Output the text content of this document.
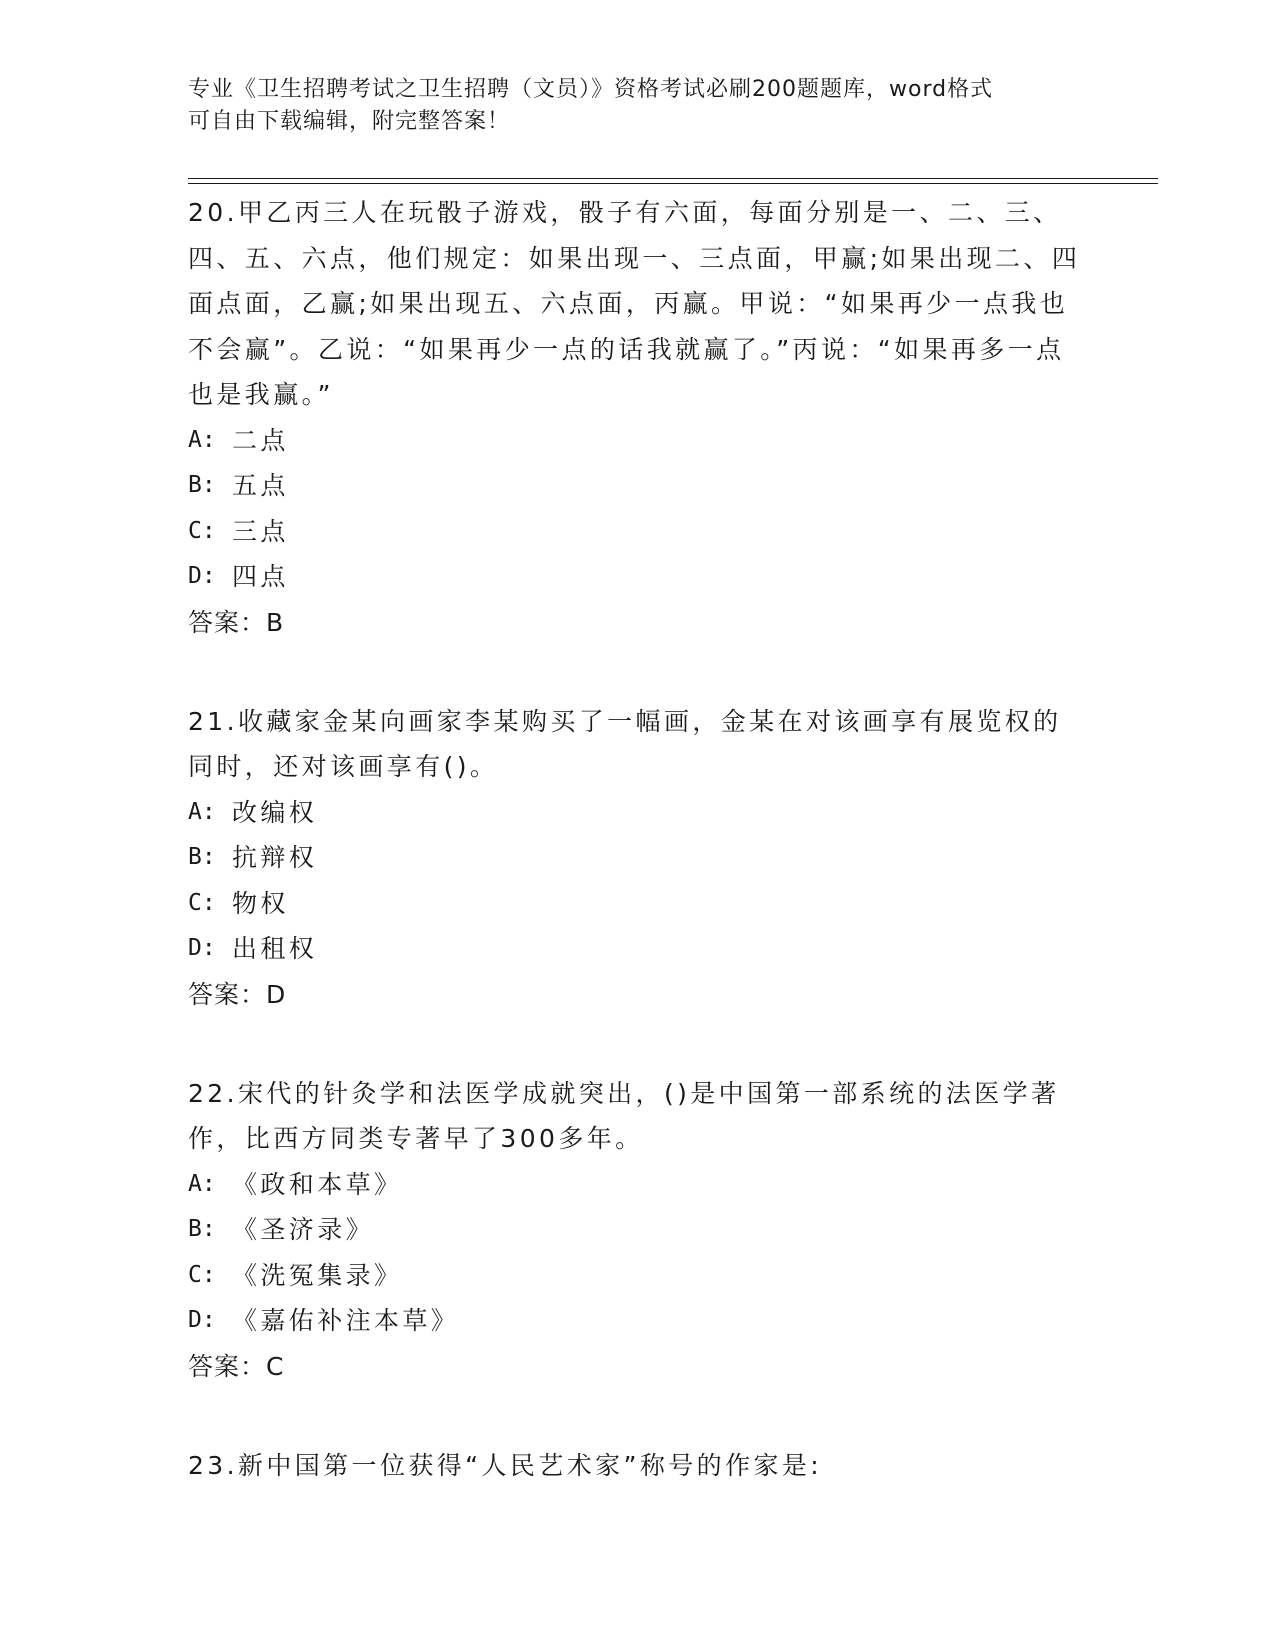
专业《卫生招聘考试之卫生招聘（文员）》资格考试必刷200题题库，word格式
可自由下载编辑，附完整答案！
20.甲乙丙三人在玩骰子游戏，骰子有六面，每面分别是一、二、三、四、五、六点，他们规定：如果出现一、三点面，甲赢;如果出现二、四面点面，乙赢;如果出现五、六点面，丙赢。甲说：“如果再少一点我也不会赢”。乙说：“如果再少一点的话我就赢了。”丙说：“如果再多一点也是我赢。”
A: 二点
B: 五点
C: 三点
D: 四点
答案：B
21.收藏家金某向画家李某购买了一幅画，金某在对该画享有展览权的同时，还对该画享有()。
A: 改编权
B: 抗辩权
C: 物权
D: 出租权
答案：D
22.宋代的针灸学和法医学成就突出，()是中国第一部系统的法医学著作，比西方同类专著早了300多年。
A: 《政和本草》
B: 《圣济录》
C: 《洗冤集录》
D: 《嘉佑补注本草》
答案：C
23.新中国第一位获得“人民艺术家”称号的作家是:
